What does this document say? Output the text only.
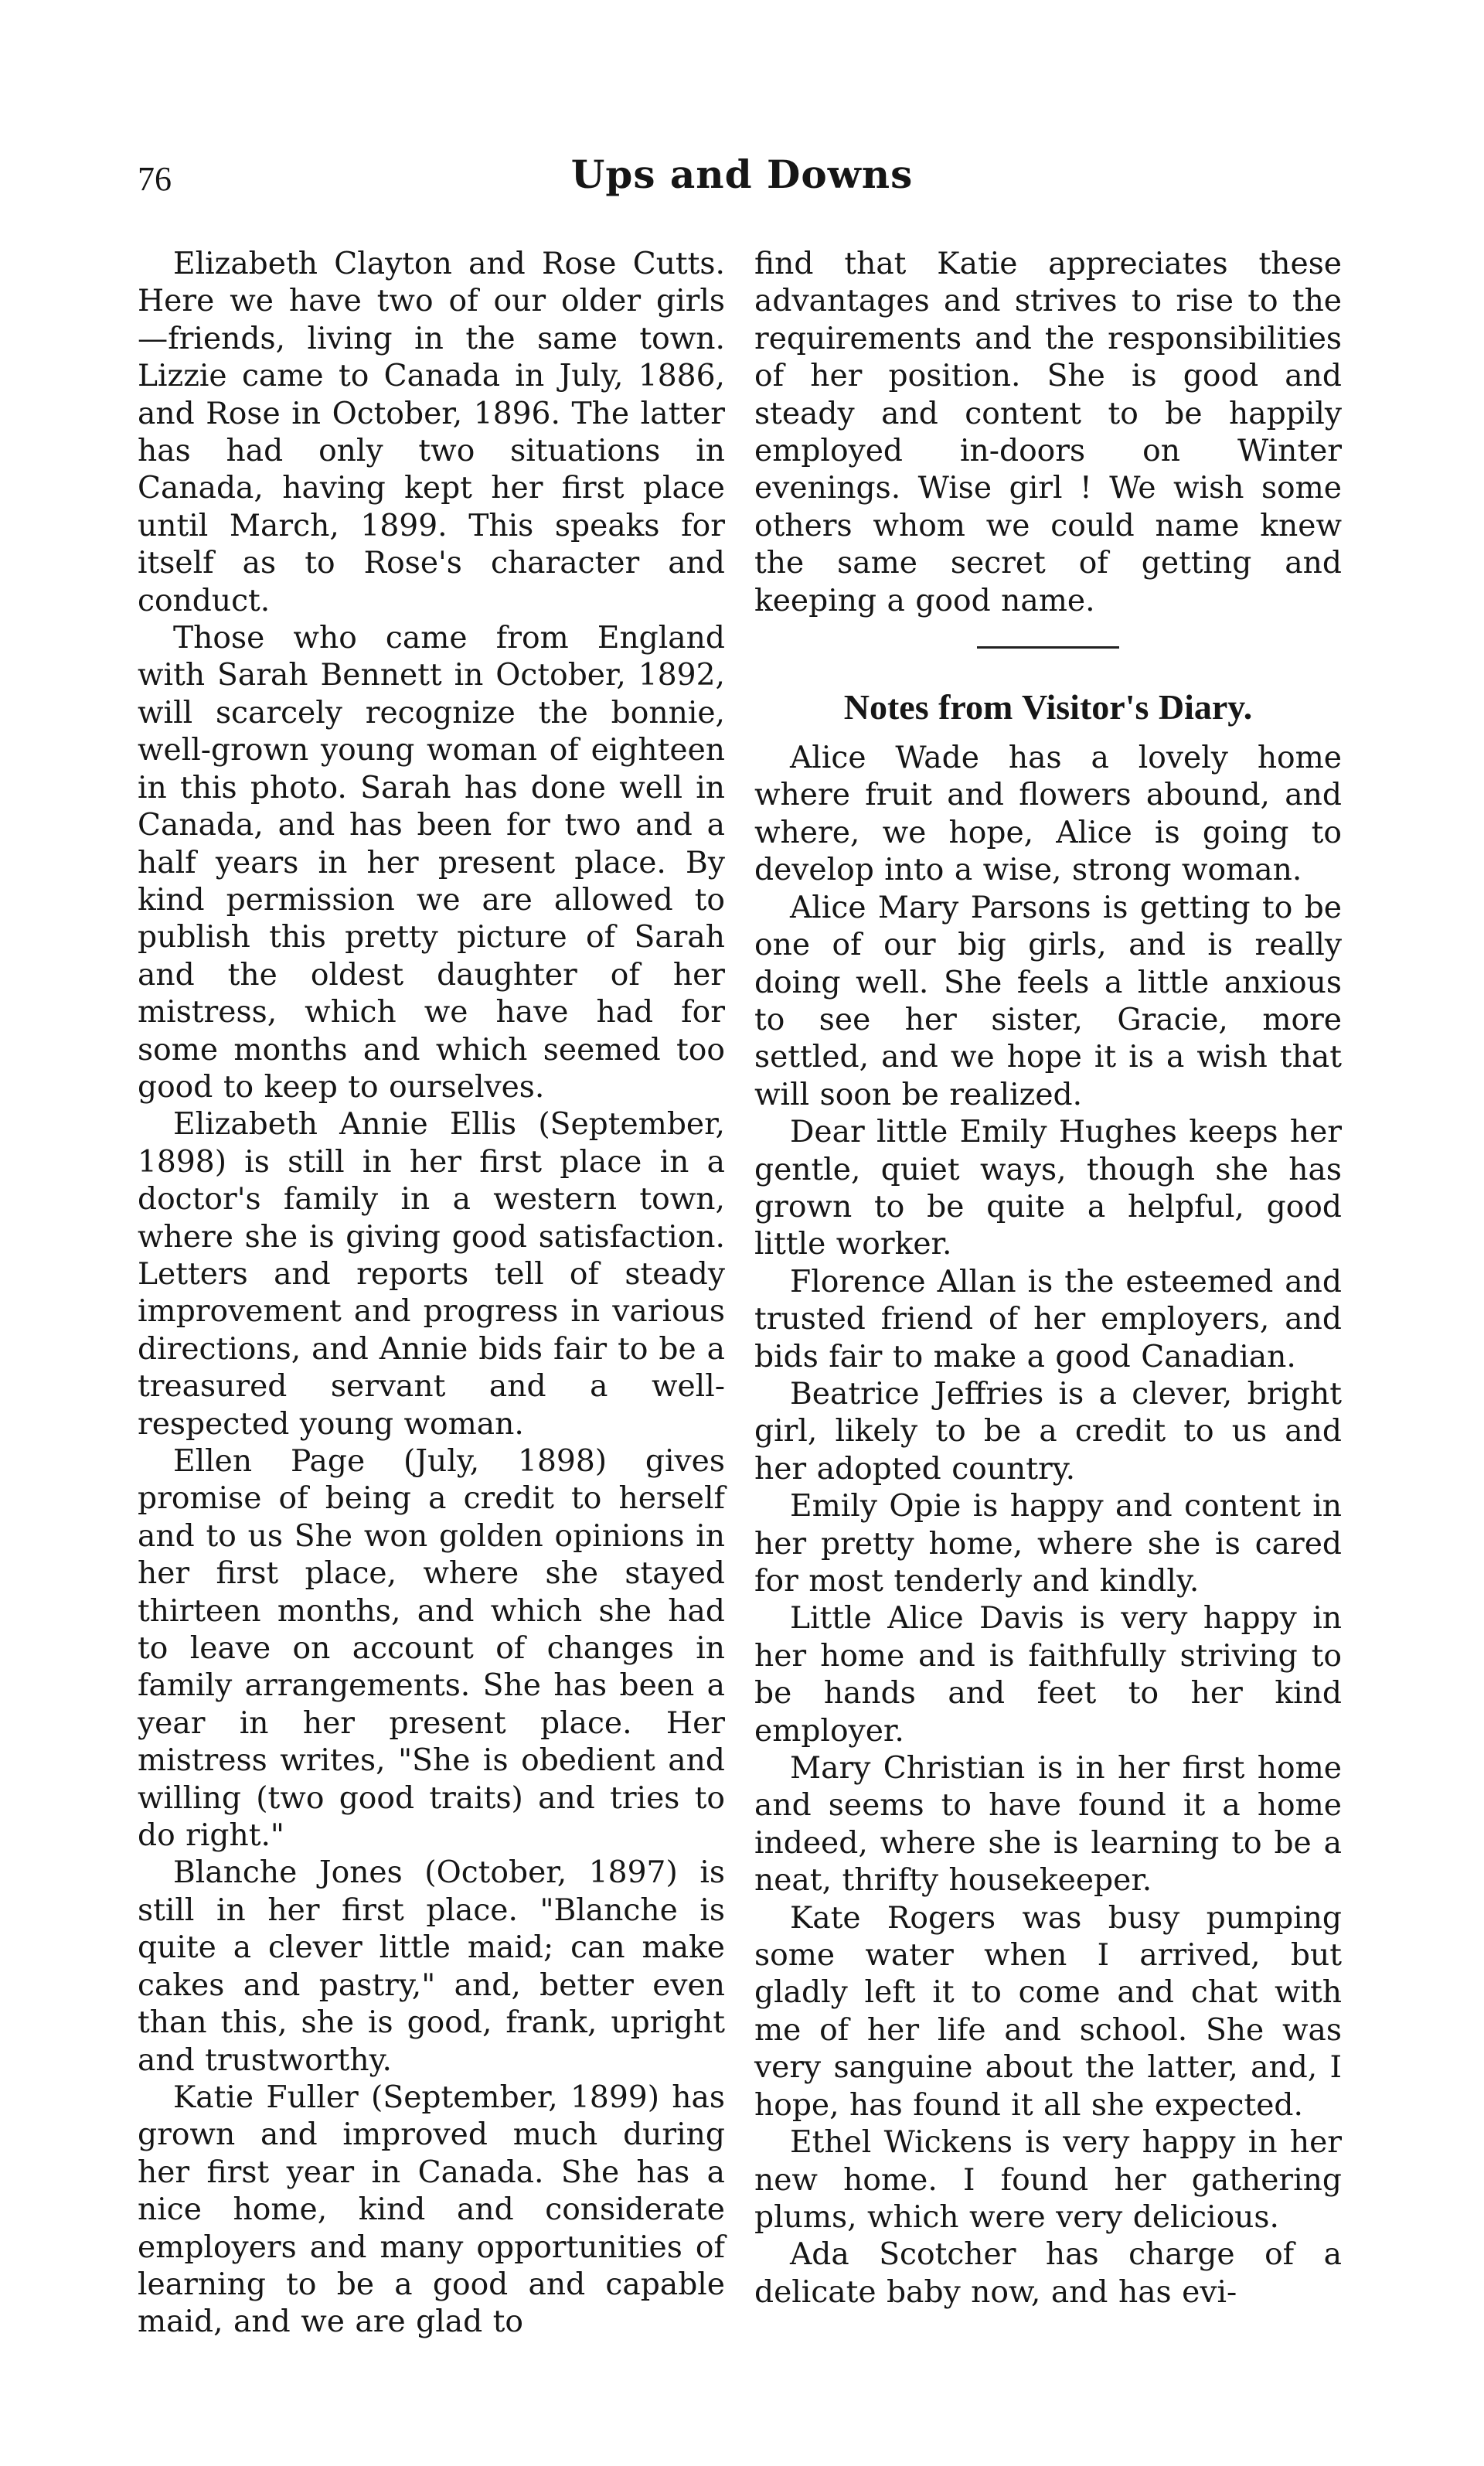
76	Ups and Downs

Elizabeth Clayton and Rose Cutts. Here we have two of our older girls —friends, living in the same town. Lizzie came to Canada in July, 1886, and Rose in October, 1896. The latter has had only two situations in Canada, having kept her first place until March, 1899. This speaks for itself as to Rose's character and conduct.

Those who came from England with Sarah Bennett in October, 1892, will scarcely recognize the bonnie, well-grown young woman of eighteen in this photo. Sarah has done well in Canada, and has been for two and a half years in her present place. By kind permission we are allowed to publish this pretty picture of Sarah and the oldest daughter of her mistress, which we have had for some months and which seemed too good to keep to ourselves.

Elizabeth Annie Ellis (September, 1898) is still in her first place in a doctor's family in a western town, where she is giving good satisfaction. Letters and reports tell of steady improvement and progress in various directions, and Annie bids fair to be a treasured servant and a well-respected young woman.

Ellen Page (July, 1898) gives promise of being a credit to herself and to us She won golden opinions in her first place, where she stayed thirteen months, and which she had to leave on account of changes in family arrangements. She has been a year in her present place. Her mistress writes, "She is obedient and willing (two good traits) and tries to do right."

Blanche Jones (October, 1897) is still in her first place. "Blanche is quite a clever little maid; can make cakes and pastry," and, better even than this, she is good, frank, upright and trustworthy.

Katie Fuller (September, 1899) has grown and improved much during her first year in Canada. She has a nice home, kind and considerate employers and many opportunities of learning to be a good and capable maid, and we are glad to

find that Katie appreciates these advantages and strives to rise to the requirements and the responsibilities of her position. She is good and steady and content to be happily employed in-doors on Winter evenings. Wise girl ! We wish some others whom we could name knew the same secret of getting and keeping a good name.

Notes from Visitor's Diary.

Alice Wade has a lovely home where fruit and flowers abound, and where, we hope, Alice is going to develop into a wise, strong woman.

Alice Mary Parsons is getting to be one of our big girls, and is really doing well. She feels a little anxious to see her sister, Gracie, more settled, and we hope it is a wish that will soon be realized.

Dear little Emily Hughes keeps her gentle, quiet ways, though she has grown to be quite a helpful, good little worker.

Florence Allan is the esteemed and trusted friend of her employers, and bids fair to make a good Canadian.

Beatrice Jeffries is a clever, bright girl, likely to be a credit to us and her adopted country.

Emily Opie is happy and content in her pretty home, where she is cared for most tenderly and kindly.

Little Alice Davis is very happy in her home and is faithfully striving to be hands and feet to her kind employer.

Mary Christian is in her first home and seems to have found it a home indeed, where she is learning to be a neat, thrifty housekeeper.

Kate Rogers was busy pumping some water when I arrived, but gladly left it to come and chat with me of her life and school. She was very sanguine about the latter, and, I hope, has found it all she expected.

Ethel Wickens is very happy in her new home. I found her gathering plums, which were very delicious.

Ada Scotcher has charge of a delicate baby now, and has evi-
